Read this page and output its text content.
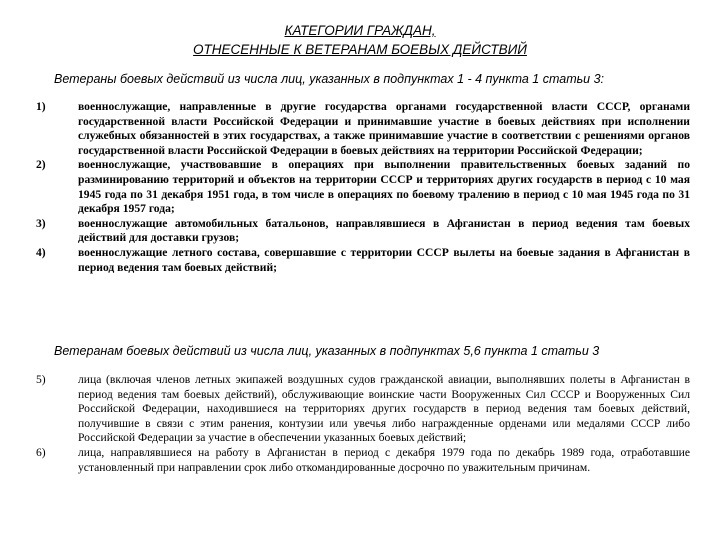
КАТЕГОРИИ ГРАЖДАН,
ОТНЕСЕННЫЕ К ВЕТЕРАНАМ БОЕВЫХ ДЕЙСТВИЙ
Ветераны боевых действий из числа лиц, указанных в подпунктах 1 - 4 пункта 1 статьи 3:
1)	военнослужащие, направленные в другие государства органами государственной власти СССР, органами государственной власти Российской Федерации и принимавшие участие в боевых действиях при исполнении служебных обязанностей в этих государствах, а также принимавшие участие в соответствии с решениями органов государственной власти Российской Федерации в боевых действиях на территории Российской Федерации;
2)	военнослужащие, участвовавшие в операциях при выполнении правительственных боевых заданий по разминированию территорий и объектов на территории СССР и территориях других государств в период с 10 мая 1945 года по 31 декабря 1951 года, в том числе в операциях по боевому тралению в период с 10 мая 1945 года по 31 декабря 1957 года;
3)	военнослужащие автомобильных батальонов, направлявшиеся в Афганистан в период ведения там боевых действий для доставки грузов;
4)	военнослужащие летного состава, совершавшие с территории СССР вылеты на боевые задания в Афганистан в период ведения там боевых действий;
Ветеранам боевых действий из числа лиц, указанных в подпунктах 5,6 пункта 1 статьи 3
5)	лица (включая членов летных экипажей воздушных судов гражданской авиации, выполнявших полеты в Афганистан в период ведения там боевых действий), обслуживающие воинские части Вооруженных Сил СССР и Вооруженных Сил Российской Федерации, находившиеся на территориях других государств в период ведения там боевых действий, получившие в связи с этим ранения, контузии или увечья либо награжденные орденами или медалями СССР либо Российской Федерации за участие в обеспечении указанных боевых действий;
6)	лица, направлявшиеся на работу в Афганистан в период с декабря 1979 года по декабрь 1989 года, отработавшие установленный при направлении срок либо откомандированные досрочно по уважительным причинам.
